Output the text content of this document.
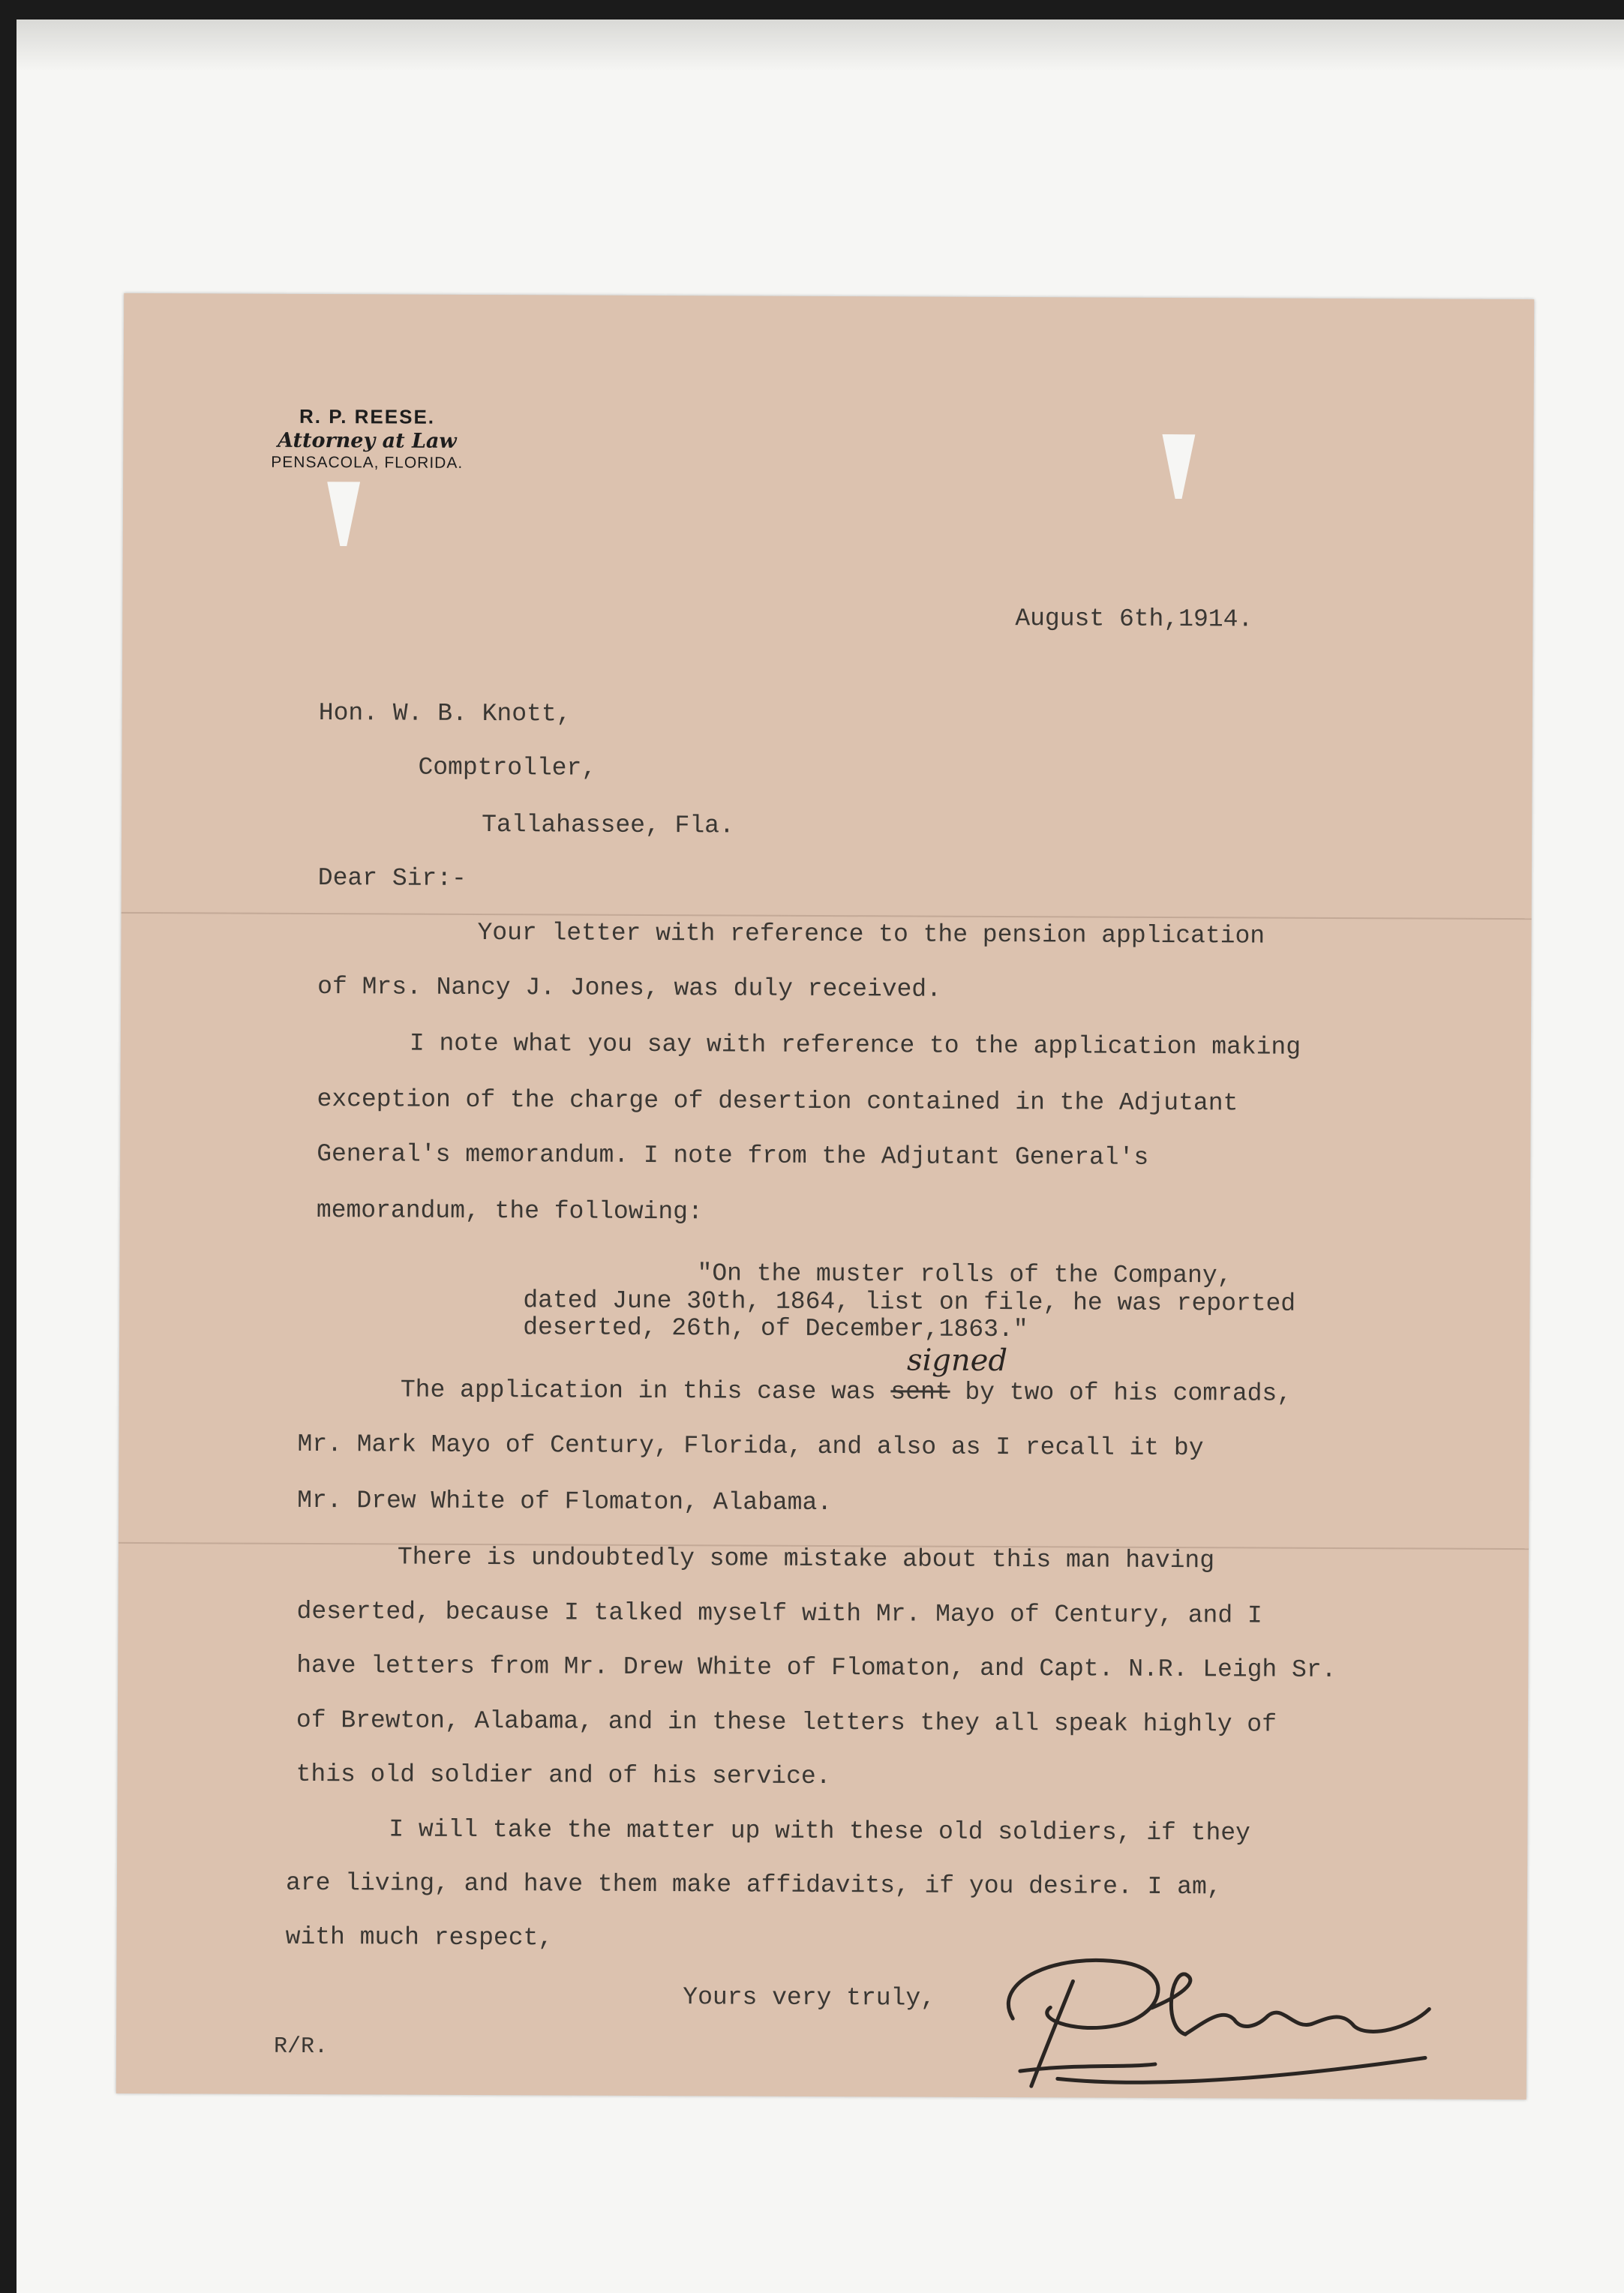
R. P. REESE.
Attorney at Law
PENSACOLA, FLORIDA.
August 6th,1914.
Hon. W. B. Knott,
Comptroller,
Tallahassee, Fla.
Dear Sir:-
Your letter with reference to the pension application
of Mrs. Nancy J. Jones, was duly received.
I note what you say with reference to the application making
exception of the charge of desertion contained in the Adjutant
General's memorandum. I note from the Adjutant General's
memorandum, the following:
"On the muster rolls of the Company,
dated June 30th, 1864, list on file, he was reported
deserted, 26th, of December,1863."
The application in this case was sent by two of his comrads,
signed
Mr. Mark Mayo of Century, Florida, and also as I recall it by
Mr. Drew White of Flomaton, Alabama.
There is undoubtedly some mistake about this man having
deserted, because I talked myself with Mr. Mayo of Century, and I
have letters from Mr. Drew White of Flomaton, and Capt. N.R. Leigh Sr.
of Brewton, Alabama, and in these letters they all speak highly of
this old soldier and of his service.
I will take the matter up with these old soldiers, if they
are living, and have them make affidavits, if you desire. I am,
with much respect,
Yours very truly,
R/R.
